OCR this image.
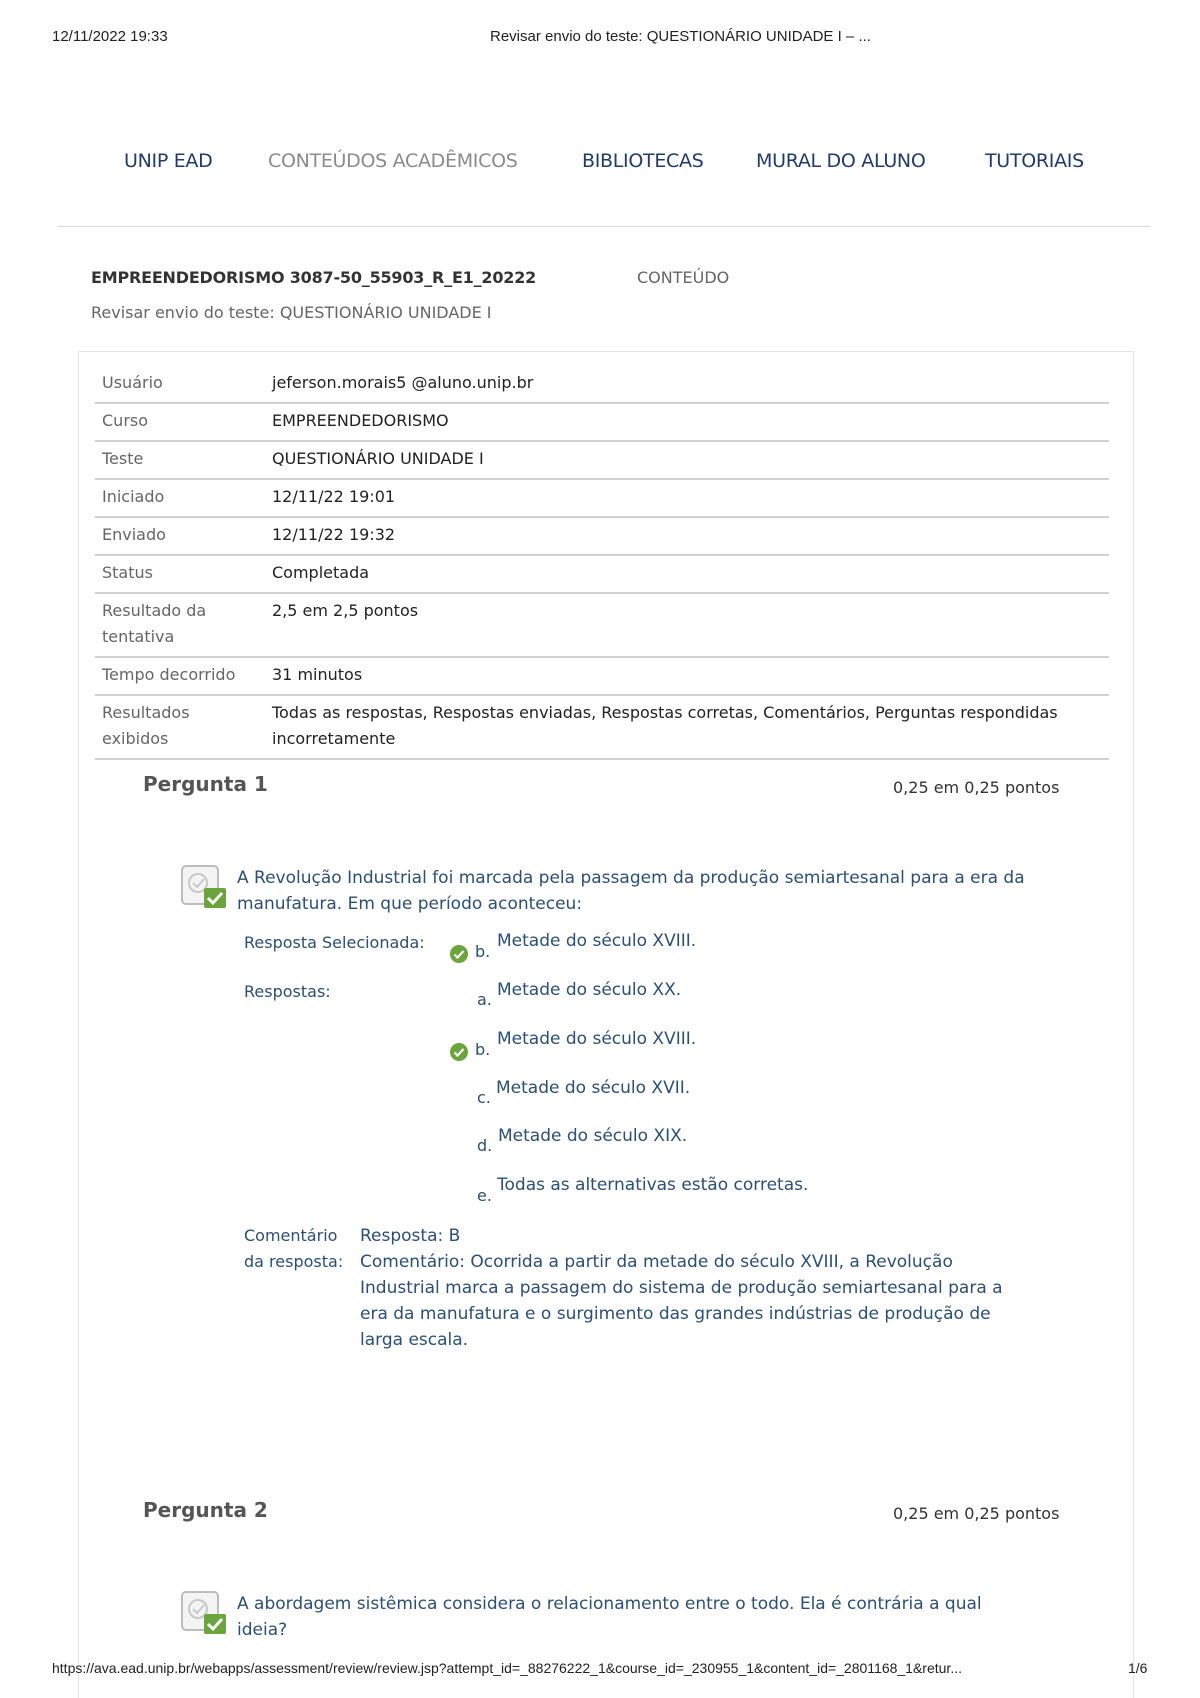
12/11/2022 19:33	Revisar envio do teste: QUESTIONÁRIO UNIDADE I – ...
UNIP EAD	CONTEÚDOS ACADÊMICOS	BIBLIOTECAS	MURAL DO ALUNO	TUTORIAIS
EMPREENDEDORISMO 3087-50_55903_R_E1_20222	CONTEÚDO
Revisar envio do teste: QUESTIONÁRIO UNIDADE I
Usuário	jeferson.morais5 @aluno.unip.br
Curso	EMPREENDEDORISMO
Teste	QUESTIONÁRIO UNIDADE I
Iniciado	12/11/22 19:01
Enviado	12/11/22 19:32
Status	Completada
Resultado da tentativa	2,5 em 2,5 pontos
Tempo decorrido	31 minutos
Resultados exibidos	Todas as respostas, Respostas enviadas, Respostas corretas, Comentários, Perguntas respondidas incorretamente
Pergunta 1	0,25 em 0,25 pontos
A Revolução Industrial foi marcada pela passagem da produção semiartesanal para a era da manufatura. Em que período aconteceu:
Resposta Selecionada:	b.
Metade do século XVIII.
Respostas:	a. Metade do século XX.
b.
Metade do século XVIII.
c. Metade do século XVII.
d. Metade do século XIX.
e.
Todas as alternativas estão corretas.
Comentário da resposta:
Resposta: B
Comentário: Ocorrida a partir da metade do século XVIII, a Revolução Industrial marca a passagem do sistema de produção semiartesanal para a era da manufatura e o surgimento das grandes indústrias de produção de larga escala.
Pergunta 2	0,25 em 0,25 pontos
A abordagem sistêmica considera o relacionamento entre o todo. Ela é contrária a qual ideia?
https://ava.ead.unip.br/webapps/assessment/review/review.jsp?attempt_id=_88276222_1&course_id=_230955_1&content_id=_2801168_1&retur...	1/6
